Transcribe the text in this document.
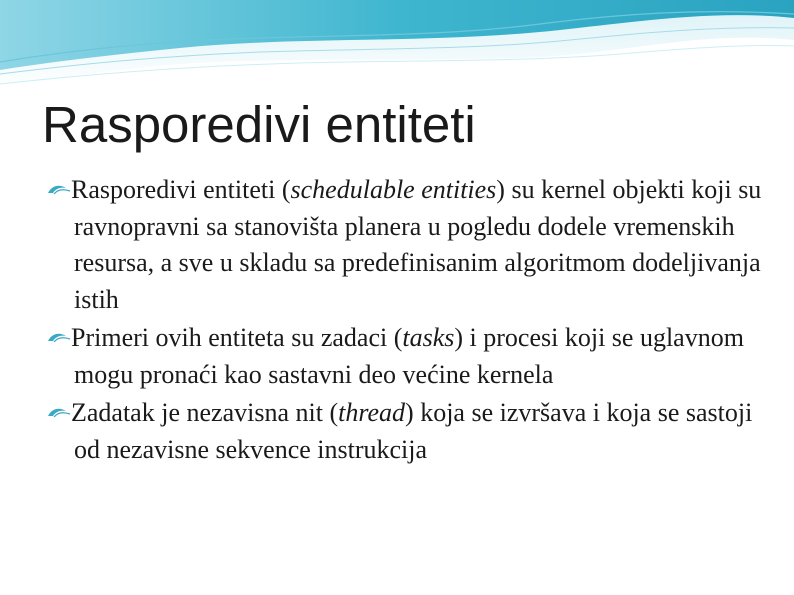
Rasporedivi entiteti
Rasporedivi entiteti (schedulable entities) su kernel objekti koji su ravnopravni sa stanovišta planera u pogledu dodele vremenskih resursa, a sve u skladu sa predefinisanim algoritmom dodeljivanja istih
Primeri ovih entiteta su zadaci (tasks) i procesi koji se uglavnom mogu pronaći kao sastavni deo većine kernela
Zadatak je nezavisna nit (thread) koja se izvršava i koja se sastoji od nezavisne sekvence instrukcija
